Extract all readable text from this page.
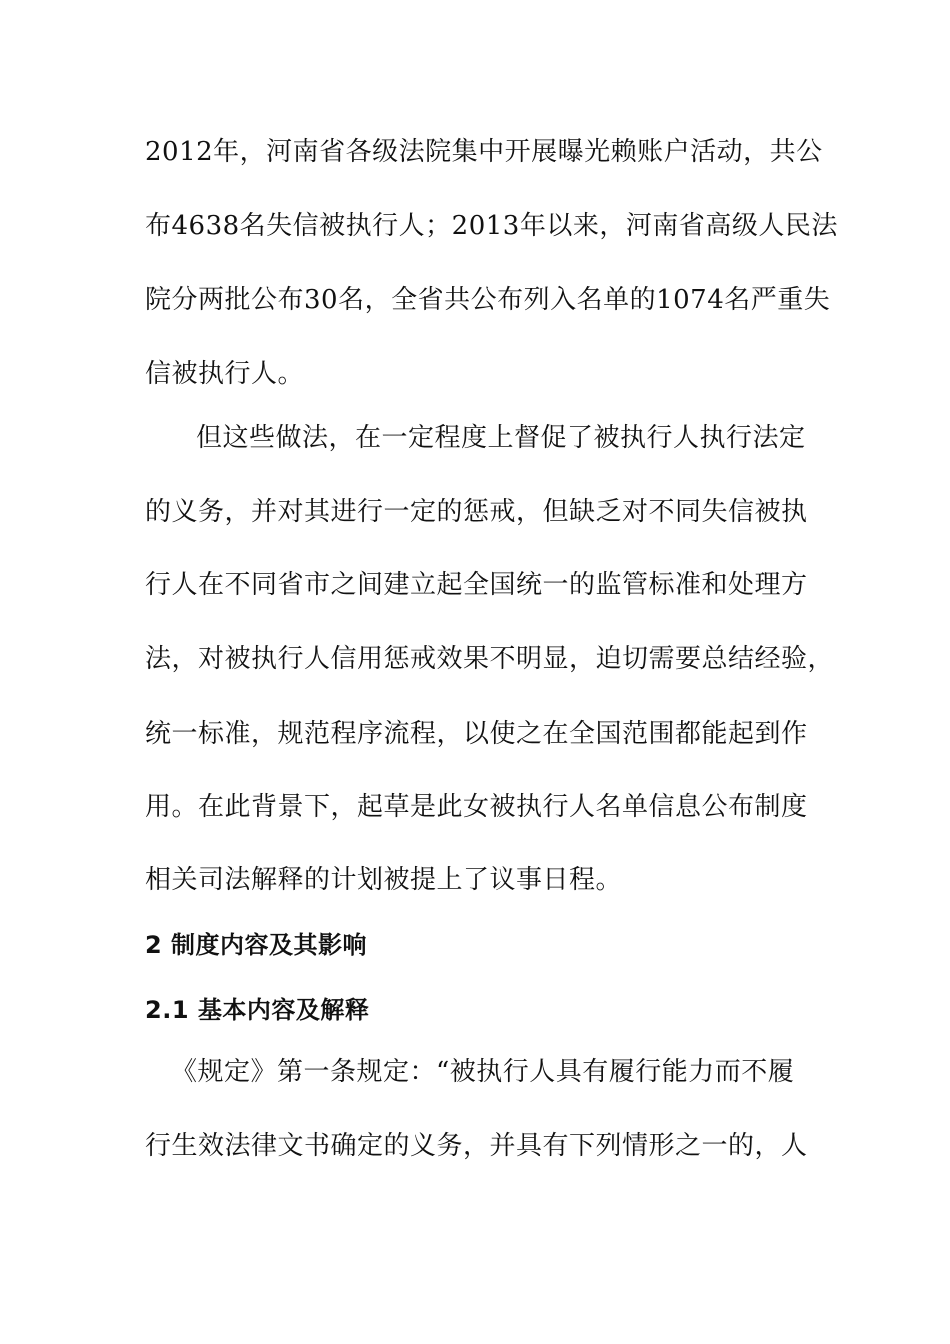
2012年，河南省各级法院集中开展曝光赖账户活动，共公
布4638名失信被执行人；2013年以来，河南省高级人民法
院分两批公布30名，全省共公布列入名单的1074名严重失
信被执行人。
但这些做法，在一定程度上督促了被执行人执行法定
的义务，并对其进行一定的惩戒，但缺乏对不同失信被执
行人在不同省市之间建立起全国统一的监管标准和处理方
法，对被执行人信用惩戒效果不明显，迫切需要总结经验，
统一标准，规范程序流程，以使之在全国范围都能起到作
用。在此背景下，起草是此女被执行人名单信息公布制度
相关司法解释的计划被提上了议事日程。
2 制度内容及其影响
2.1 基本内容及解释
《规定》第一条规定：“被执行人具有履行能力而不履
行生效法律文书确定的义务，并具有下列情形之一的，人
